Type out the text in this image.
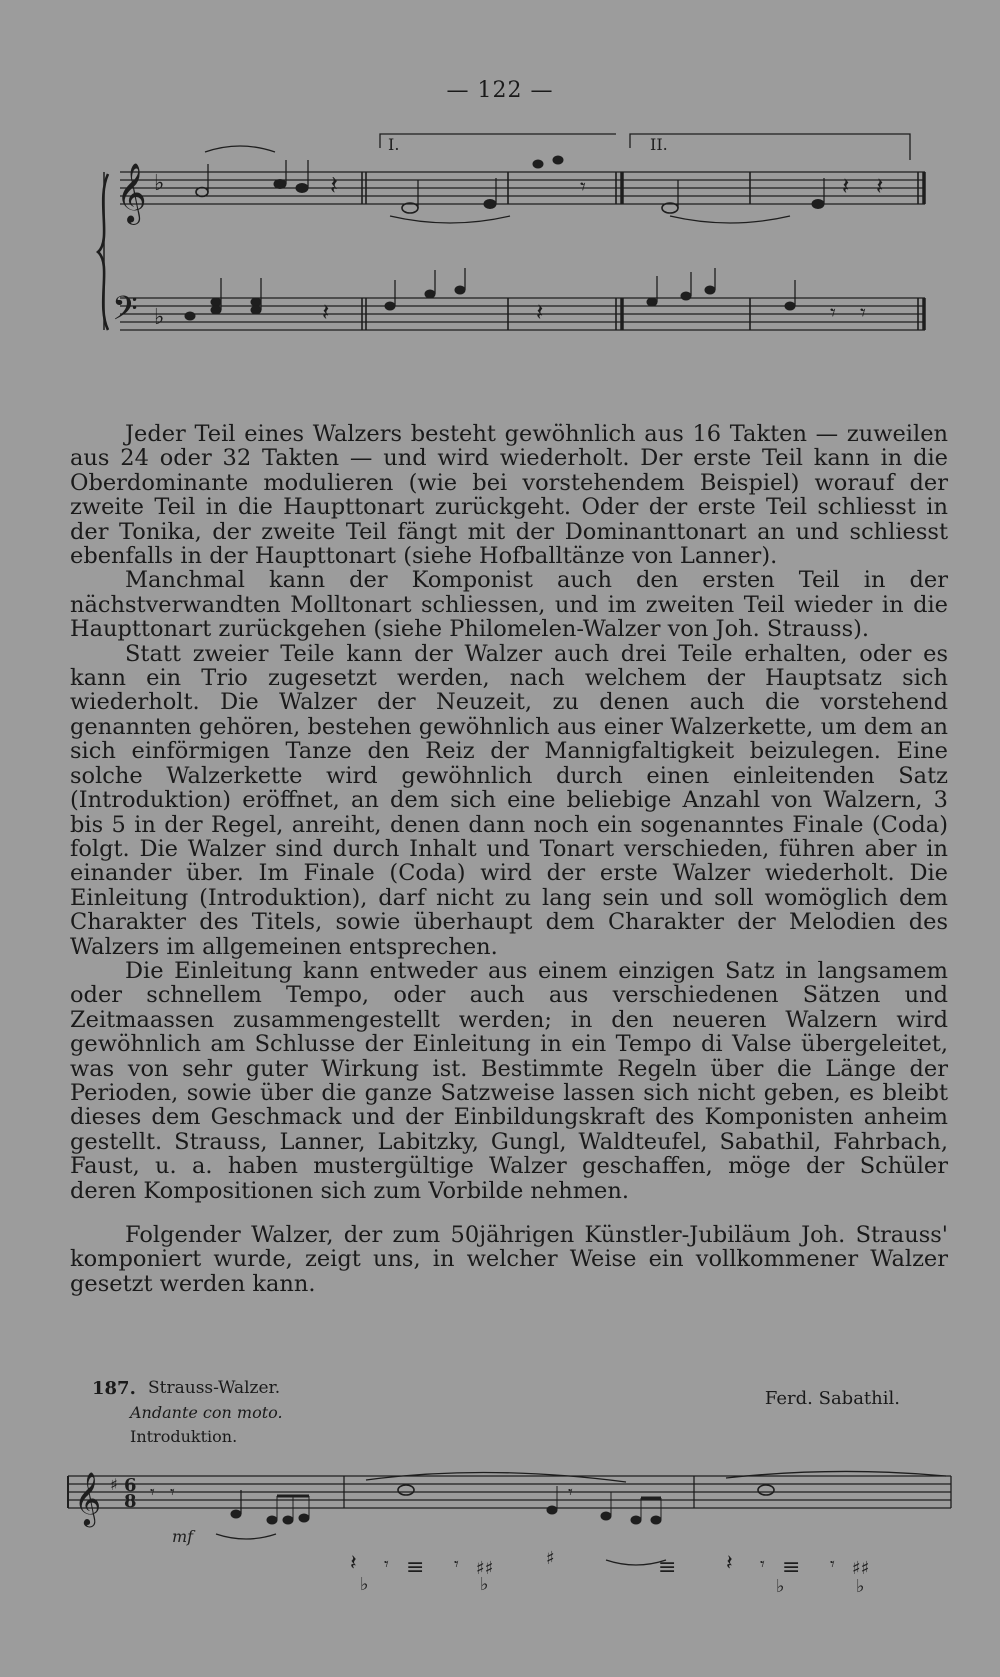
— 122 —
𝄞
𝄢
♭
♭
I.	II.
𝄽	𝄾	𝄽 𝄽
𝄽	𝄽	𝄾 𝄾

Jeder Teil eines Walzers besteht gewöhnlich aus 16 Takten — zuweilen aus 24 oder 32 Takten — und wird wiederholt. Der erste Teil kann in die Oberdominante modulieren (wie bei vorstehendem Beispiel) worauf der zweite Teil in die Haupttonart zurückgeht. Oder der erste Teil schliesst in der Tonika, der zweite Teil fängt mit der Dominanttonart an und schliesst ebenfalls in der Haupttonart (siehe Hofballtänze von Lanner).

Manchmal kann der Komponist auch den ersten Teil in der nächstverwandten Molltonart schliessen, und im zweiten Teil wieder in die Haupttonart zurückgehen (siehe Philomelen-Walzer von Joh. Strauss).

Statt zweier Teile kann der Walzer auch drei Teile erhalten, oder es kann ein Trio zugesetzt werden, nach welchem der Hauptsatz sich wiederholt. Die Walzer der Neuzeit, zu denen auch die vorstehend genannten gehören, bestehen gewöhnlich aus einer Walzerkette, um dem an sich einförmigen Tanze den Reiz der Mannigfaltigkeit beizulegen. Eine solche Walzerkette wird gewöhnlich durch einen einleitenden Satz (Introduktion) eröffnet, an dem sich eine beliebige Anzahl von Walzern, 3 bis 5 in der Regel, anreiht, denen dann noch ein sogenanntes Finale (Coda) folgt. Die Walzer sind durch Inhalt und Tonart verschieden, führen aber in einander über. Im Finale (Coda) wird der erste Walzer wiederholt. Die Einleitung (Introduktion), darf nicht zu lang sein und soll womöglich dem Charakter des Titels, sowie überhaupt dem Charakter der Melodien des Walzers im allgemeinen entsprechen.

Die Einleitung kann entweder aus einem einzigen Satz in langsamem oder schnellem Tempo, oder auch aus verschiedenen Sätzen und Zeitmaassen zusammengestellt werden; in den neueren Walzern wird gewöhnlich am Schlusse der Einleitung in ein Tempo di Valse übergeleitet, was von sehr guter Wirkung ist. Bestimmte Regeln über die Länge der Perioden, sowie über die ganze Satzweise lassen sich nicht geben, es bleibt dieses dem Geschmack und der Einbildungskraft des Komponisten anheim gestellt. Strauss, Lanner, Labitzky, Gungl, Waldteufel, Sabathil, Fahrbach, Faust, u. a. haben mustergültige Walzer geschaffen, möge der Schüler deren Kompositionen sich zum Vorbilde nehmen.

Folgender Walzer, der zum 50jährigen Künstler-Jubiläum Joh. Strauss' komponiert wurde, zeigt uns, in welcher Weise ein vollkommener Walzer gesetzt werden kann.

187. Strauss-Walzer.
Andante con moto.
Introduktion.
Ferd. Sabathil.
𝄞 ♯ 6
8
mf
𝄾 𝄾	𝄾
𝄽 𝄾 ≡ 𝄾 ♯♯
♭	♭
♯	≡ 𝄽 𝄾 ≡ 𝄾 ♯♯
♭	♭
